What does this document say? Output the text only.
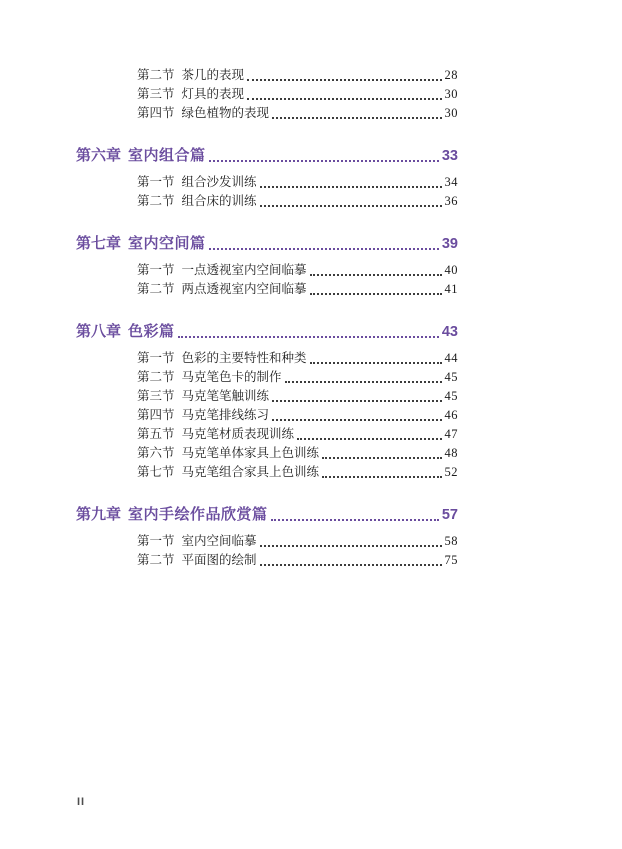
第二节 茶几的表现	28
第三节 灯具的表现	30
第四节 绿色植物的表现	30
第六章 室内组合篇	33
第一节 组合沙发训练	34
第二节 组合床的训练	36
第七章 室内空间篇	39
第一节 一点透视室内空间临摹	40
第二节 两点透视室内空间临摹	41
第八章 色彩篇	43
第一节 色彩的主要特性和种类	44
第二节 马克笔色卡的制作	45
第三节 马克笔笔触训练	45
第四节 马克笔排线练习	46
第五节 马克笔材质表现训练	47
第六节 马克笔单体家具上色训练	48
第七节 马克笔组合家具上色训练	52
第九章 室内手绘作品欣赏篇	57
第一节 室内空间临摹	58
第二节 平面图的绘制	75
II
